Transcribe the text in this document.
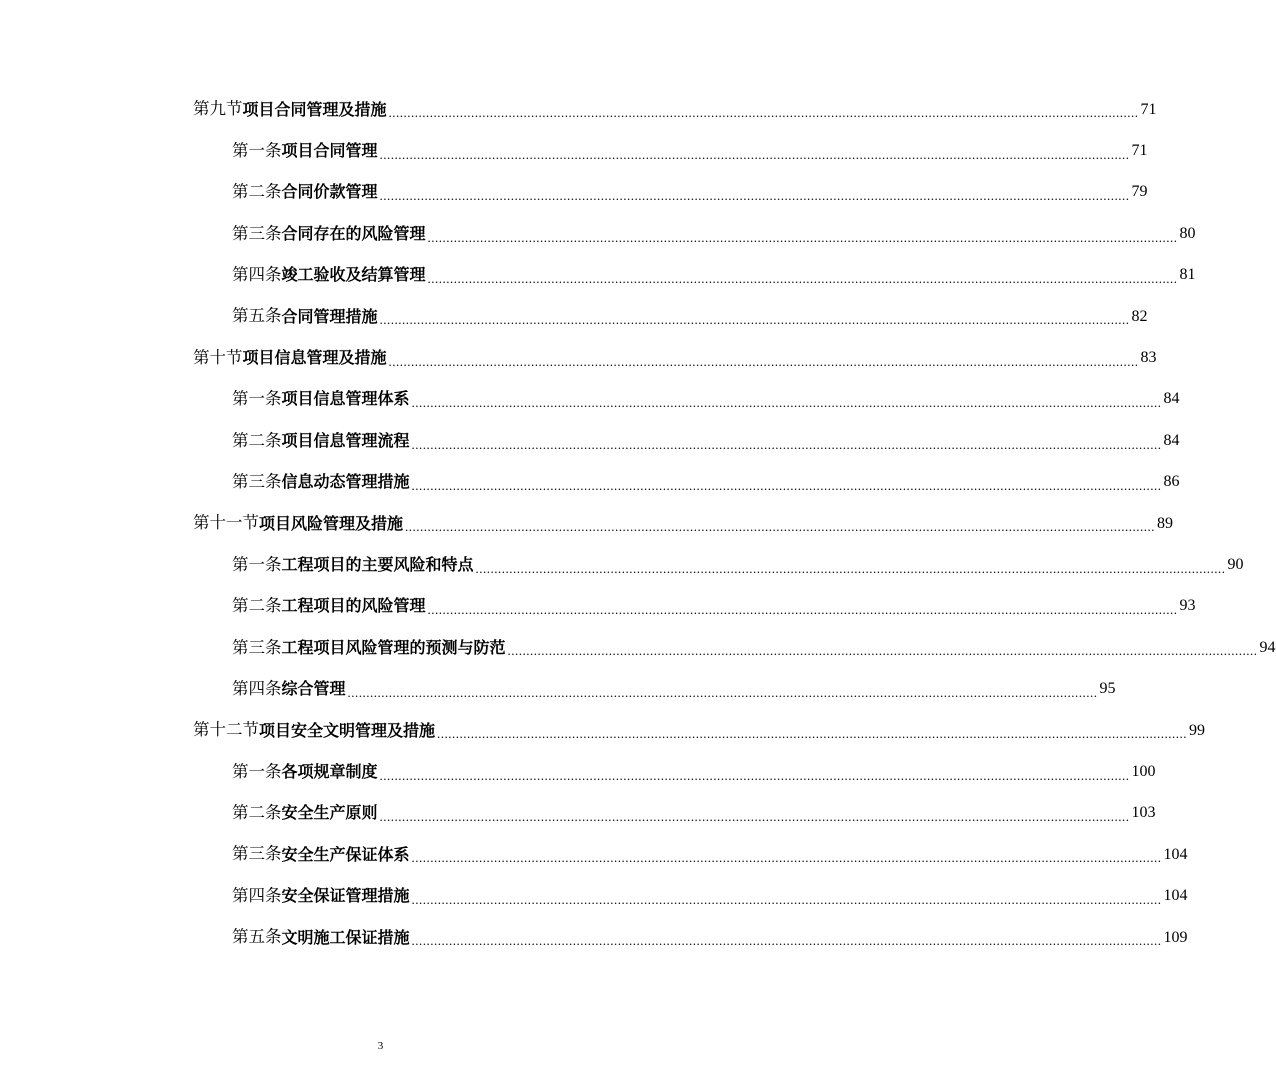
第九节 项目合同管理及措施 ........................................................................................................................................................................................................ 71
第一条 项目合同管理 ........................................................................................................................................................................................................ 71
第二条 合同价款管理 ........................................................................................................................................................................................................ 79
第三条 合同存在的风险管理 ........................................................................................................................................................................................................ 80
第四条 竣工验收及结算管理 ........................................................................................................................................................................................................ 81
第五条 合同管理措施 ........................................................................................................................................................................................................ 82
第十节 项目信息管理及措施 ........................................................................................................................................................................................................ 83
第一条 项目信息管理体系 ........................................................................................................................................................................................................ 84
第二条 项目信息管理流程 ........................................................................................................................................................................................................ 84
第三条 信息动态管理措施 ........................................................................................................................................................................................................ 86
第十一节 项目风险管理及措施 ........................................................................................................................................................................................................ 89
第一条 工程项目的主要风险和特点 ........................................................................................................................................................................................................ 90
第二条 工程项目的风险管理 ........................................................................................................................................................................................................ 93
第三条 工程项目风险管理的预测与防范 ........................................................................................................................................................................................................ 94
第四条 综合管理 ........................................................................................................................................................................................................ 95
第十二节 项目安全文明管理及措施 ........................................................................................................................................................................................................ 99
第一条 各项规章制度 ........................................................................................................................................................................................................ 100
第二条 安全生产原则 ........................................................................................................................................................................................................ 103
第三条 安全生产保证体系 ........................................................................................................................................................................................................ 104
第四条 安全保证管理措施 ........................................................................................................................................................................................................ 104
第五条 文明施工保证措施 ........................................................................................................................................................................................................ 109
3
